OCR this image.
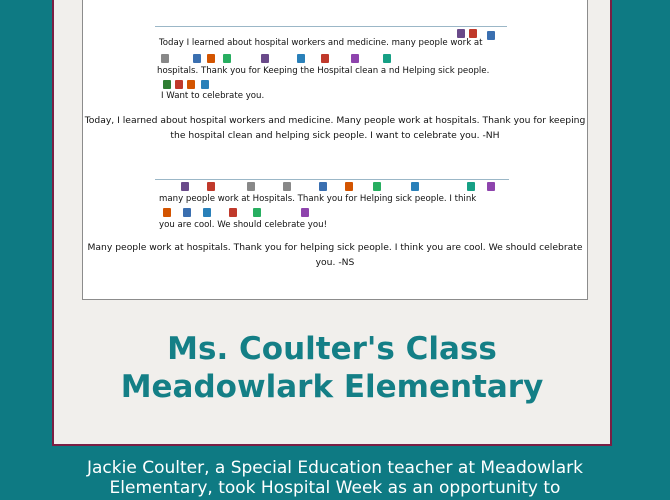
Today I learned about hospital workers and medicine. many people work at
hospitals. Thank you for Keeping the Hospital clean a nd Helping sick people.
I Want to celebrate you.
Today, I learned about hospital workers and medicine. Many people work at hospitals. Thank you for keeping the hospital clean and helping sick people. I want to celebrate you. -NH
many people work at Hospitals. Thank you for Helping sick people. I think
you are cool. We should celebrate you!
Many people work at hospitals. Thank you for helping sick people. I think you are cool. We should celebrate you. -NS
Ms. Coulter's Class
Meadowlark Elementary
Jackie Coulter, a Special Education teacher at Meadowlark
Elementary, took Hospital Week as an opportunity to
